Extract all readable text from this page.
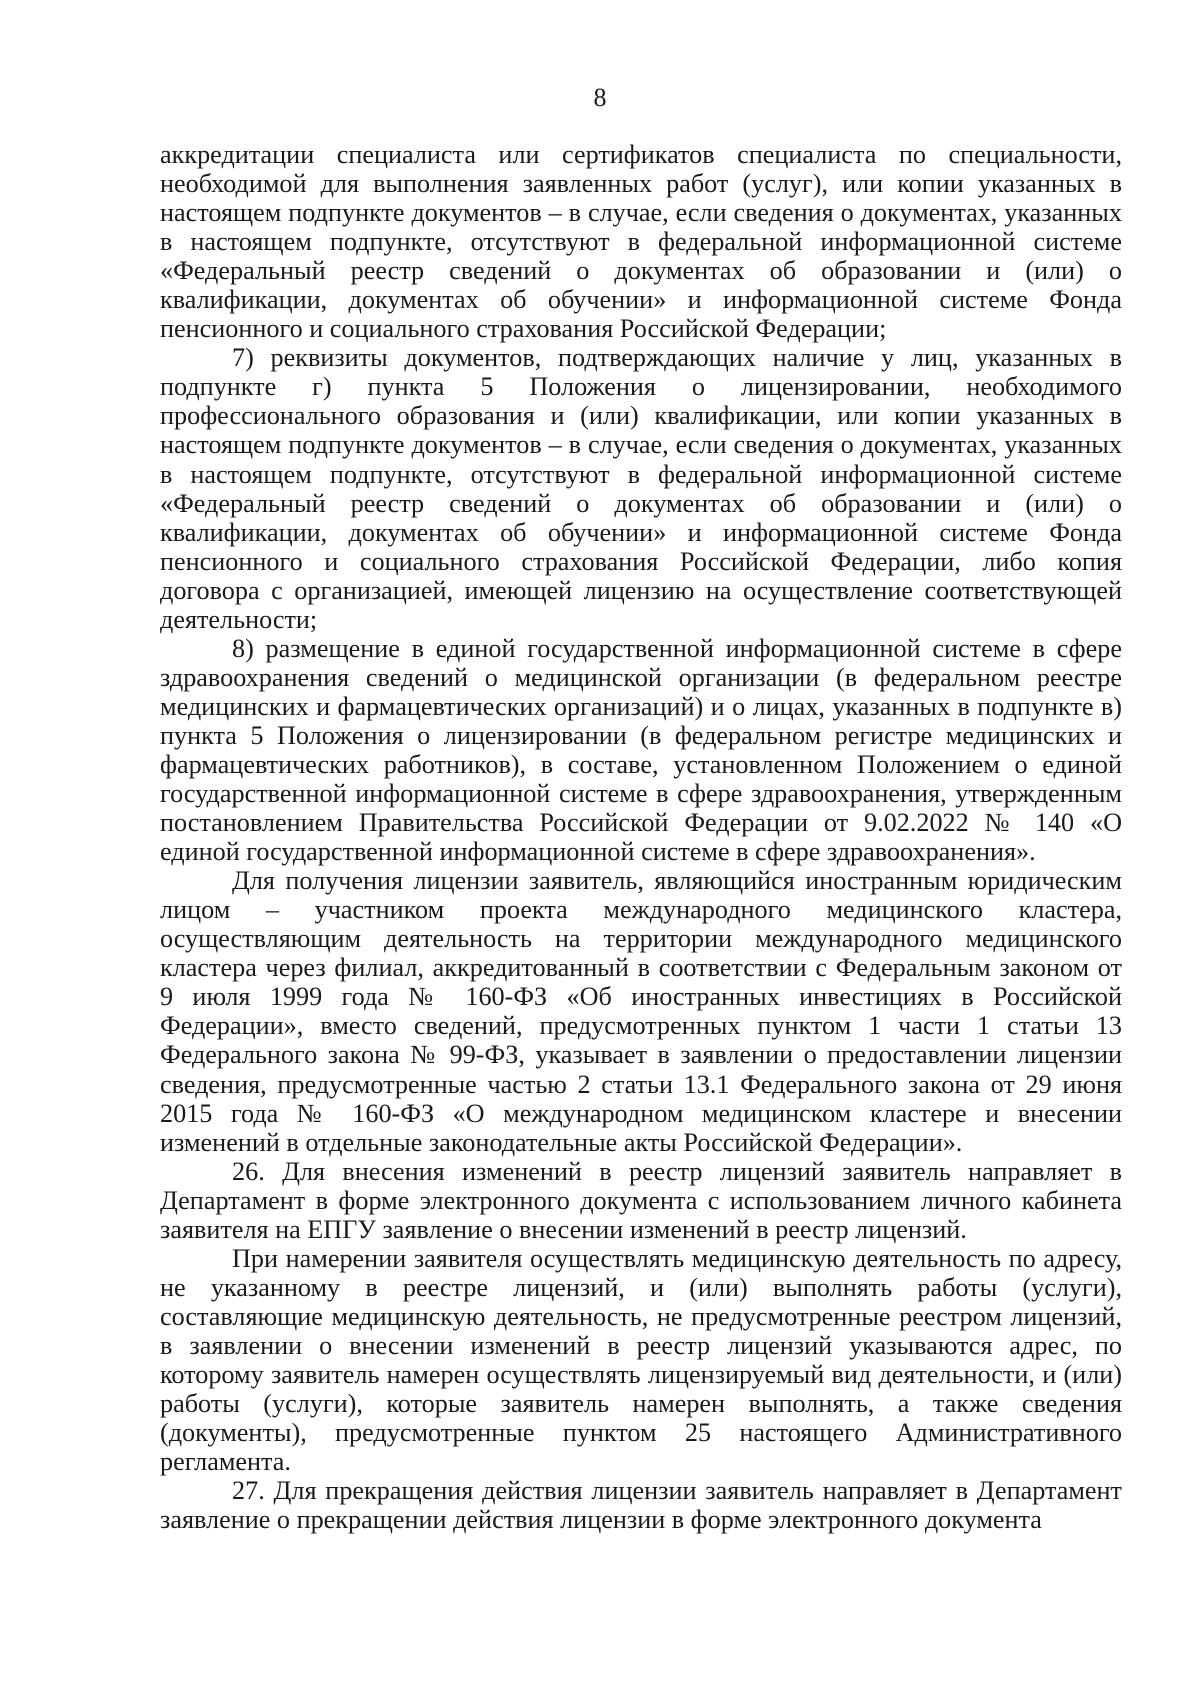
8

аккредитации специалиста или сертификатов специалиста по специальности, необходимой для выполнения заявленных работ (услуг), или копии указанных в настоящем подпункте документов – в случае, если сведения о документах, указанных в настоящем подпункте, отсутствуют в федеральной информационной системе «Федеральный реестр сведений о документах об образовании и (или) о квалификации, документах об обучении» и информационной системе Фонда пенсионного и социального страхования Российской Федерации;

7) реквизиты документов, подтверждающих наличие у лиц, указанных в подпункте г) пункта 5 Положения о лицензировании, необходимого профессионального образования и (или) квалификации, или копии указанных в настоящем подпункте документов – в случае, если сведения о документах, указанных в настоящем подпункте, отсутствуют в федеральной информационной системе «Федеральный реестр сведений о документах об образовании и (или) о квалификации, документах об обучении» и информационной системе Фонда пенсионного и социального страхования Российской Федерации, либо копия договора с организацией, имеющей лицензию на осуществление соответствующей деятельности;

8) размещение в единой государственной информационной системе в сфере здравоохранения сведений о медицинской организации (в федеральном реестре медицинских и фармацевтических организаций) и о лицах, указанных в подпункте в) пункта 5 Положения о лицензировании (в федеральном регистре медицинских и фармацевтических работников), в составе, установленном Положением о единой государственной информационной системе в сфере здравоохранения, утвержденным постановлением Правительства Российской Федерации от 9.02.2022 № 140 «О единой государственной информационной системе в сфере здравоохранения».

Для получения лицензии заявитель, являющийся иностранным юридическим лицом – участником проекта международного медицинского кластера, осуществляющим деятельность на территории международного медицинского кластера через филиал, аккредитованный в соответствии с Федеральным законом от 9 июля 1999 года № 160-ФЗ «Об иностранных инвестициях в Российской Федерации», вместо сведений, предусмотренных пунктом 1 части 1 статьи 13 Федерального закона № 99-ФЗ, указывает в заявлении о предоставлении лицензии сведения, предусмотренные частью 2 статьи 13.1 Федерального закона от 29 июня 2015 года № 160-ФЗ «О международном медицинском кластере и внесении изменений в отдельные законодательные акты Российской Федерации».

26. Для внесения изменений в реестр лицензий заявитель направляет в Департамент в форме электронного документа с использованием личного кабинета заявителя на ЕПГУ заявление о внесении изменений в реестр лицензий.

При намерении заявителя осуществлять медицинскую деятельность по адресу, не указанному в реестре лицензий, и (или) выполнять работы (услуги), составляющие медицинскую деятельность, не предусмотренные реестром лицензий, в заявлении о внесении изменений в реестр лицензий указываются адрес, по которому заявитель намерен осуществлять лицензируемый вид деятельности, и (или) работы (услуги), которые заявитель намерен выполнять, а также сведения (документы), предусмотренные пунктом 25 настоящего Административного регламента.

27. Для прекращения действия лицензии заявитель направляет в Департамент заявление о прекращении действия лицензии в форме электронного документа
